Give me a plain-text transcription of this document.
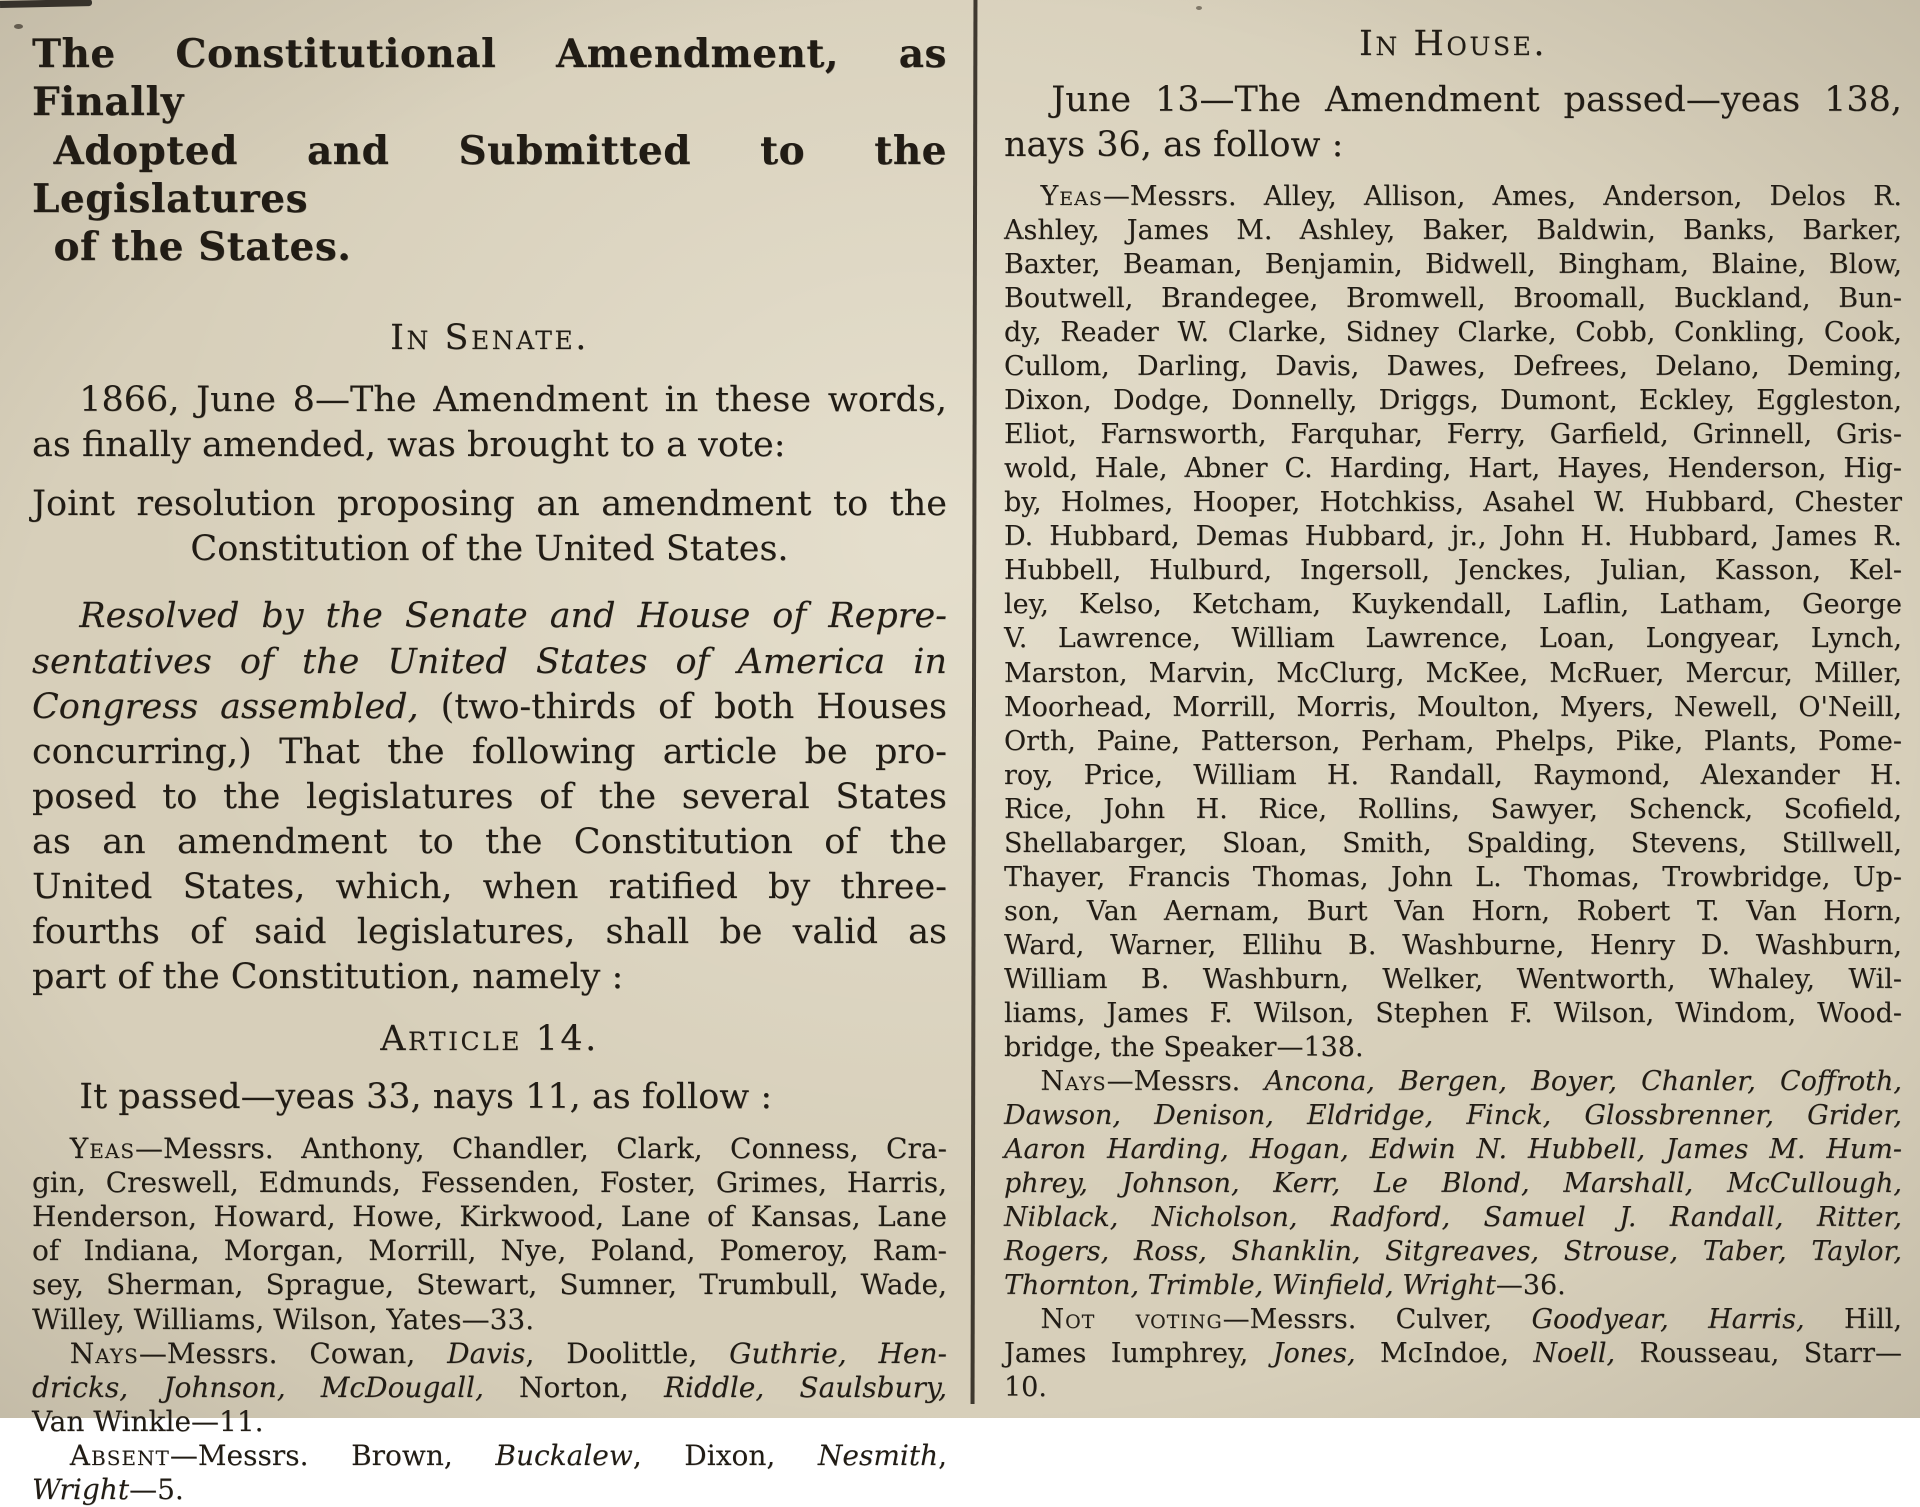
The Constitutional Amendment, as Finally
Adopted and Submitted to the Legislatures
of the States.
In Senate.
1866, June 8—The Amendment in these words,
as finally amended, was brought to a vote:
Joint resolution proposing an amendment to the
Constitution of the United States.
Resolved by the Senate and House of Repre-
sentatives of the United States of America in
Congress assembled, (two-thirds of both Houses
concurring,) That the following article be pro-
posed to the legislatures of the several States
as an amendment to the Constitution of the
United States, which, when ratified by three-
fourths of said legislatures, shall be valid as
part of the Constitution, namely :
Article 14.
It passed—yeas 33, nays 11, as follow :
Yeas—Messrs. Anthony, Chandler, Clark, Conness, Cra-
gin, Creswell, Edmunds, Fessenden, Foster, Grimes, Harris,
Henderson, Howard, Howe, Kirkwood, Lane of Kansas, Lane
of Indiana, Morgan, Morrill, Nye, Poland, Pomeroy, Ram-
sey, Sherman, Sprague, Stewart, Sumner, Trumbull, Wade,
Willey, Williams, Wilson, Yates—33.
Nays—Messrs. Cowan, Davis, Doolittle, Guthrie, Hen-
dricks, Johnson, McDougall, Norton, Riddle, Saulsbury,
Van Winkle—11.
Absent—Messrs. Brown, Buckalew, Dixon, Nesmith,
Wright—5.
In House.
June 13—The Amendment passed—yeas 138,
nays 36, as follow :
Yeas—Messrs. Alley, Allison, Ames, Anderson, Delos R.
Ashley, James M. Ashley, Baker, Baldwin, Banks, Barker,
Baxter, Beaman, Benjamin, Bidwell, Bingham, Blaine, Blow,
Boutwell, Brandegee, Bromwell, Broomall, Buckland, Bun-
dy, Reader W. Clarke, Sidney Clarke, Cobb, Conkling, Cook,
Cullom, Darling, Davis, Dawes, Defrees, Delano, Deming,
Dixon, Dodge, Donnelly, Driggs, Dumont, Eckley, Eggleston,
Eliot, Farnsworth, Farquhar, Ferry, Garfield, Grinnell, Gris-
wold, Hale, Abner C. Harding, Hart, Hayes, Henderson, Hig-
by, Holmes, Hooper, Hotchkiss, Asahel W. Hubbard, Chester
D. Hubbard, Demas Hubbard, jr., John H. Hubbard, James R.
Hubbell, Hulburd, Ingersoll, Jenckes, Julian, Kasson, Kel-
ley, Kelso, Ketcham, Kuykendall, Laflin, Latham, George
V. Lawrence, William Lawrence, Loan, Longyear, Lynch,
Marston, Marvin, McClurg, McKee, McRuer, Mercur, Miller,
Moorhead, Morrill, Morris, Moulton, Myers, Newell, O'Neill,
Orth, Paine, Patterson, Perham, Phelps, Pike, Plants, Pome-
roy, Price, William H. Randall, Raymond, Alexander H.
Rice, John H. Rice, Rollins, Sawyer, Schenck, Scofield,
Shellabarger, Sloan, Smith, Spalding, Stevens, Stillwell,
Thayer, Francis Thomas, John L. Thomas, Trowbridge, Up-
son, Van Aernam, Burt Van Horn, Robert T. Van Horn,
Ward, Warner, Ellihu B. Washburne, Henry D. Washburn,
William B. Washburn, Welker, Wentworth, Whaley, Wil-
liams, James F. Wilson, Stephen F. Wilson, Windom, Wood-
bridge, the Speaker—138.
Nays—Messrs. Ancona, Bergen, Boyer, Chanler, Coffroth,
Dawson, Denison, Eldridge, Finck, Glossbrenner, Grider,
Aaron Harding, Hogan, Edwin N. Hubbell, James M. Hum-
phrey, Johnson, Kerr, Le Blond, Marshall, McCullough,
Niblack, Nicholson, Radford, Samuel J. Randall, Ritter,
Rogers, Ross, Shanklin, Sitgreaves, Strouse, Taber, Taylor,
Thornton, Trimble, Winfield, Wright—36.
Not voting—Messrs. Culver, Goodyear, Harris, Hill,
James Iumphrey, Jones, McIndoe, Noell, Rousseau, Starr—
10.
